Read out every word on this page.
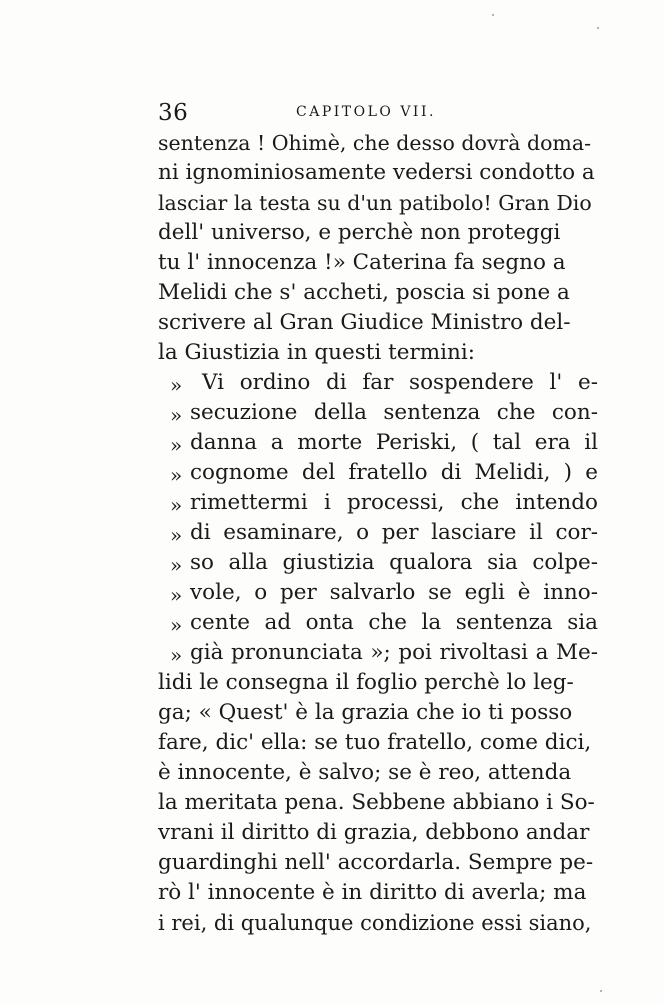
36	CAPITOLO VII.
sentenza ! Ohimè, che desso dovrà doma-
ni ignominiosamente vedersi condotto a
lasciar la testa su d'un patibolo! Gran Dio
dell' universo, e perchè non proteggi
tu l' innocenza !» Caterina fa segno a
Melidi che s' accheti, poscia si pone a
scrivere al Gran Giudice Ministro del-
la Giustizia in questi termini:
» Vi ordino di far sospendere l' e-
» secuzione della sentenza che con-
» danna a morte Periski, ( tal era il
» cognome del fratello di Melidi, ) e
» rimettermi i processi, che intendo
» di esaminare, o per lasciare il cor-
» so alla giustizia qualora sia colpe-
» vole, o per salvarlo se egli è inno-
» cente ad onta che la sentenza sia
» già pronunciata »; poi rivoltasi a Me-
lidi le consegna il foglio perchè lo leg-
ga; « Quest' è la grazia che io ti posso
fare, dic' ella: se tuo fratello, come dici,
è innocente, è salvo; se è reo, attenda
la meritata pena. Sebbene abbiano i So-
vrani il diritto di grazia, debbono andar
guardinghi nell' accordarla. Sempre pe-
rò l' innocente è in diritto di averla; ma
i rei, di qualunque condizione essi siano,
